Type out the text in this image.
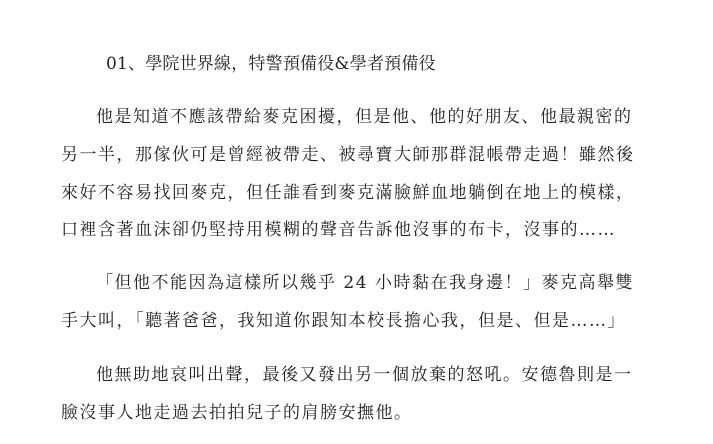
01、學院世界線，特警預備役&學者預備役
他是知道不應該帶給麥克困擾，但是他、他的好朋友、他最親密的
另一半，那傢伙可是曾經被帶走、被尋寶大師那群混帳帶走過！雖然後
來好不容易找回麥克，但任誰看到麥克滿臉鮮血地躺倒在地上的模樣，
口裡含著血沫卻仍堅持用模糊的聲音告訴他沒事的布卡，沒事的……
「但他不能因為這樣所以幾乎 24 小時黏在我身邊！」麥克高舉雙
手大叫，「聽著爸爸，我知道你跟知本校長擔心我，但是、但是……」
他無助地哀叫出聲，最後又發出另一個放棄的怒吼。安德魯則是一
臉沒事人地走過去拍拍兒子的肩膀安撫他。
